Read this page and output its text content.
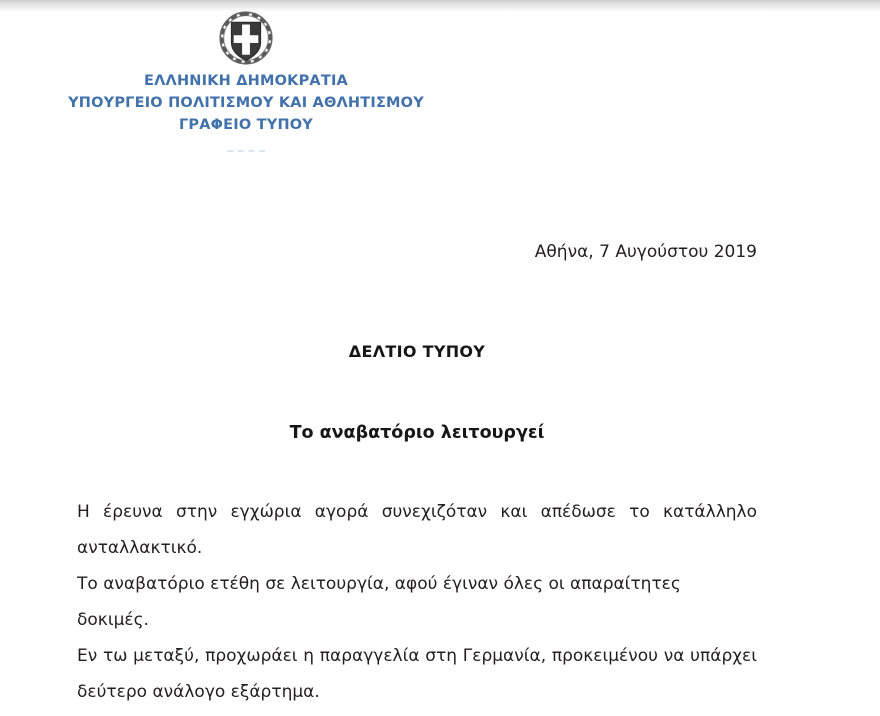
ΕΛΛΗΝΙΚΗ ΔΗΜΟΚΡΑΤΙΑ
ΥΠΟΥΡΓΕΙΟ ΠΟΛΙΤΙΣΜΟΥ ΚΑΙ ΑΘΛΗΤΙΣΜΟΥ
ΓΡΑΦΕΙΟ ΤΥΠΟΥ
Αθήνα, 7 Αυγούστου 2019
ΔΕΛΤΙΟ ΤΥΠΟΥ
Το αναβατόριο λειτουργεί

Η έρευνα στην εγχώρια αγορά συνεχιζόταν και απέδωσε το κατάλληλο ανταλλακτικό.

Το αναβατόριο ετέθη σε λειτουργία, αφού έγιναν όλες οι απαραίτητες δοκιμές.

Εν τω μεταξύ, προχωράει η παραγγελία στη Γερμανία, προκειμένου να υπάρχει δεύτερο ανάλογο εξάρτημα.
